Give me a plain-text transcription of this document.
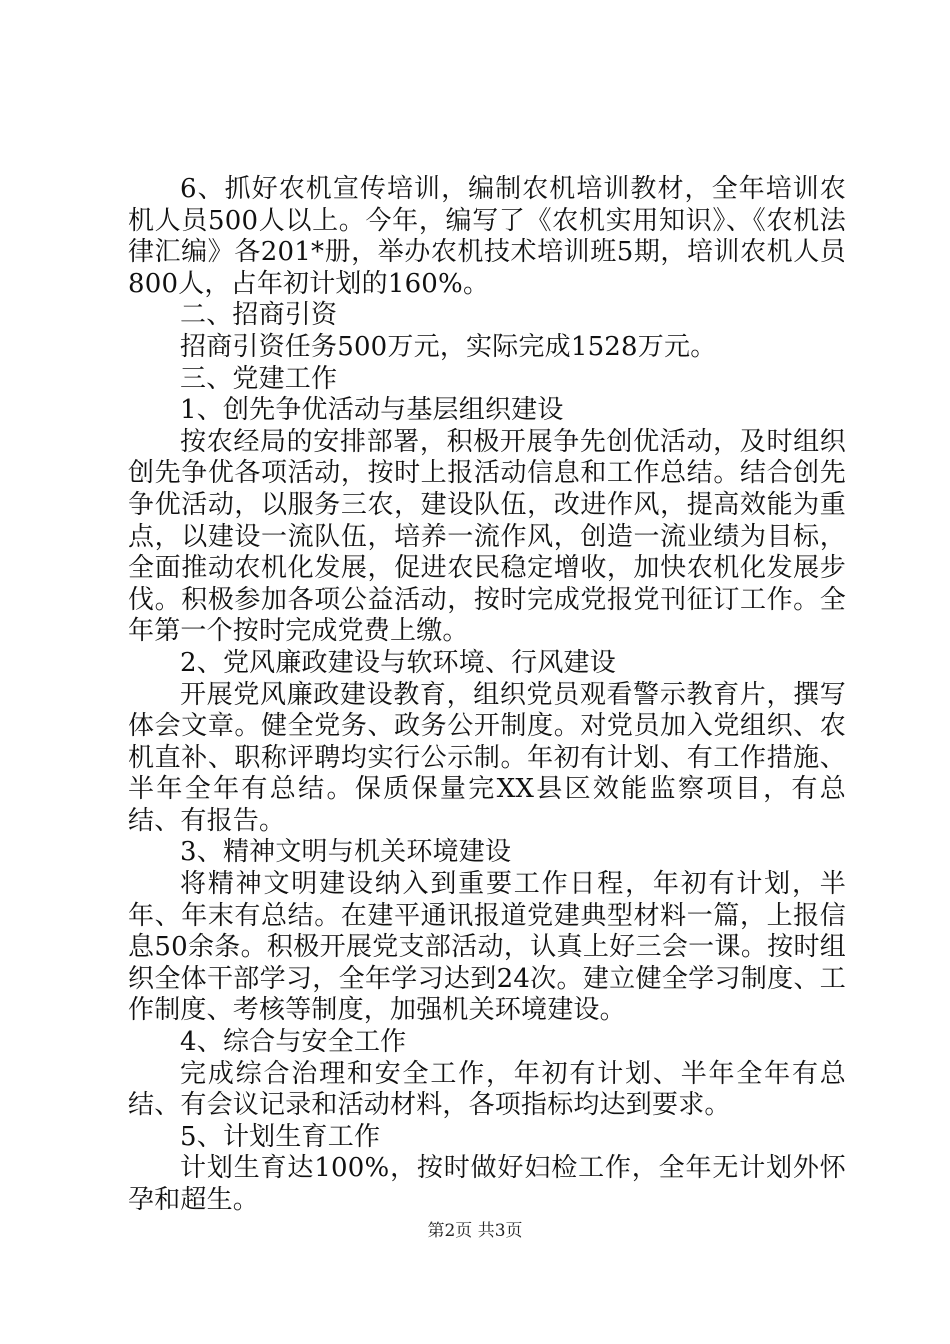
6、抓好农机宣传培训，编制农机培训教材，全年培训农机人员500人以上。今年，编写了《农机实用知识》、《农机法律汇编》各201*册，举办农机技术培训班5期，培训农机人员800人，占年初计划的160%。

二、招商引资

招商引资任务500万元，实际完成1528万元。

三、党建工作

1、创先争优活动与基层组织建设

按农经局的安排部署，积极开展争先创优活动，及时组织创先争优各项活动，按时上报活动信息和工作总结。结合创先争优活动，以服务三农，建设队伍，改进作风，提高效能为重点，以建设一流队伍，培养一流作风，创造一流业绩为目标，全面推动农机化发展，促进农民稳定增收，加快农机化发展步伐。积极参加各项公益活动，按时完成党报党刊征订工作。全年第一个按时完成党费上缴。

2、党风廉政建设与软环境、行风建设

开展党风廉政建设教育，组织党员观看警示教育片，撰写体会文章。健全党务、政务公开制度。对党员加入党组织、农机直补、职称评聘均实行公示制。年初有计划、有工作措施、半年全年有总结。保质保量完XX县区效能监察项目，有总结、有报告。

3、精神文明与机关环境建设

将精神文明建设纳入到重要工作日程，年初有计划，半年、年末有总结。在建平通讯报道党建典型材料一篇，上报信息50余条。积极开展党支部活动，认真上好三会一课。按时组织全体干部学习，全年学习达到24次。建立健全学习制度、工作制度、考核等制度，加强机关环境建设。

4、综合与安全工作

完成综合治理和安全工作，年初有计划、半年全年有总结、有会议记录和活动材料，各项指标均达到要求。

5、计划生育工作

计划生育达100%，按时做好妇检工作，全年无计划外怀孕和超生。

第2页 共3页
